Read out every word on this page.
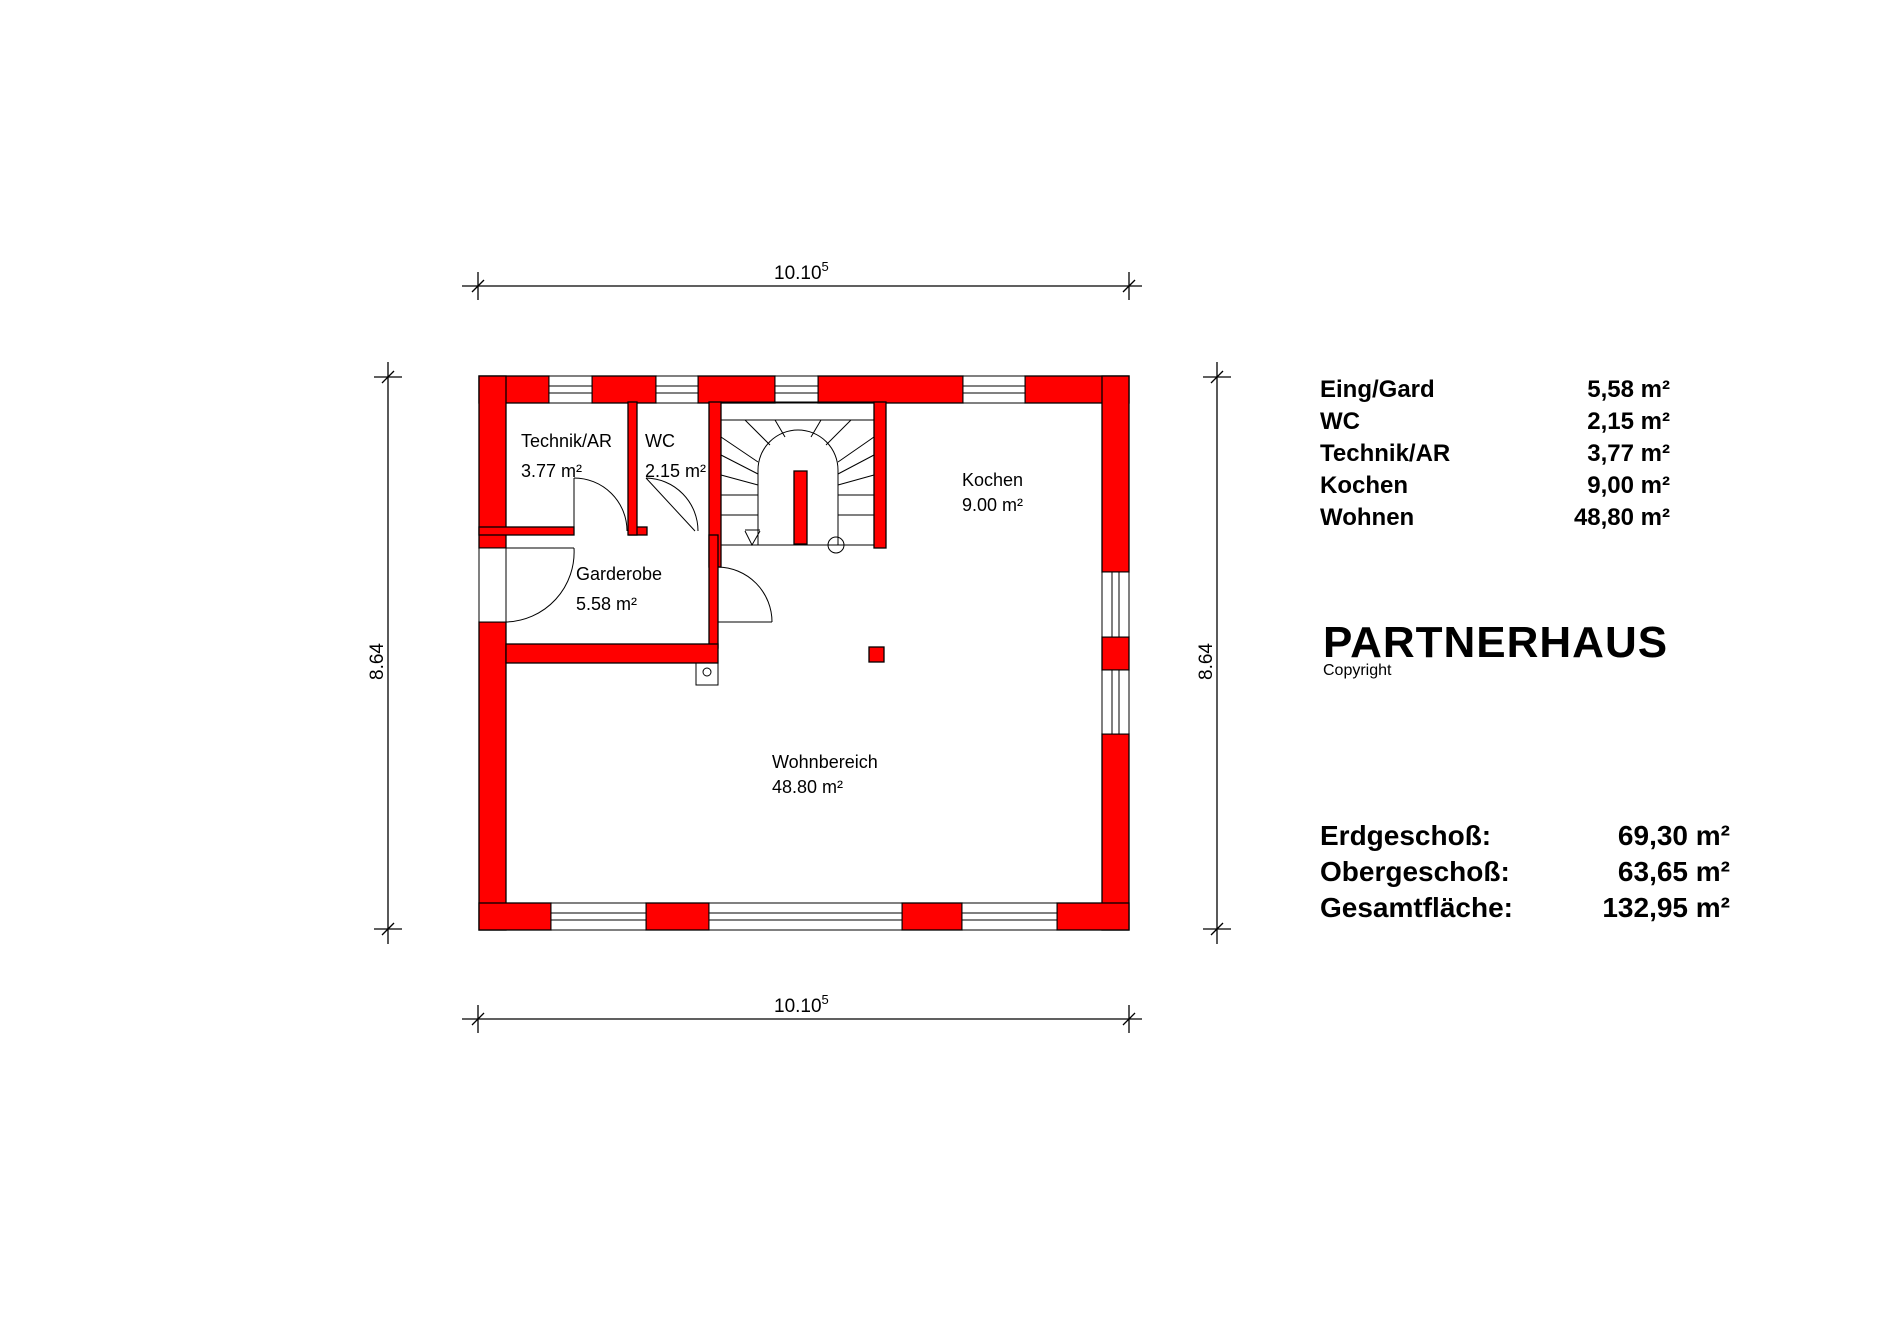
10.10$^5$
10.10$^5$
8.64	8.64
Technik/AR
3.77 m²
WC
2.15 m²
Garderobe
5.58 m²
Kochen
9.00 m²
Wohnbereich
48.80 m²
Eing/Gard	5,58 m²
WC	2,15 m²
Technik/AR	3,77 m²
Kochen	9,00 m²
Wohnen	48,80 m²
PARTNERHAUS
Copyright
Erdgeschoß:	69,30 m²
Obergeschoß:	63,65 m²
Gesamtfläche:	132,95 m²
